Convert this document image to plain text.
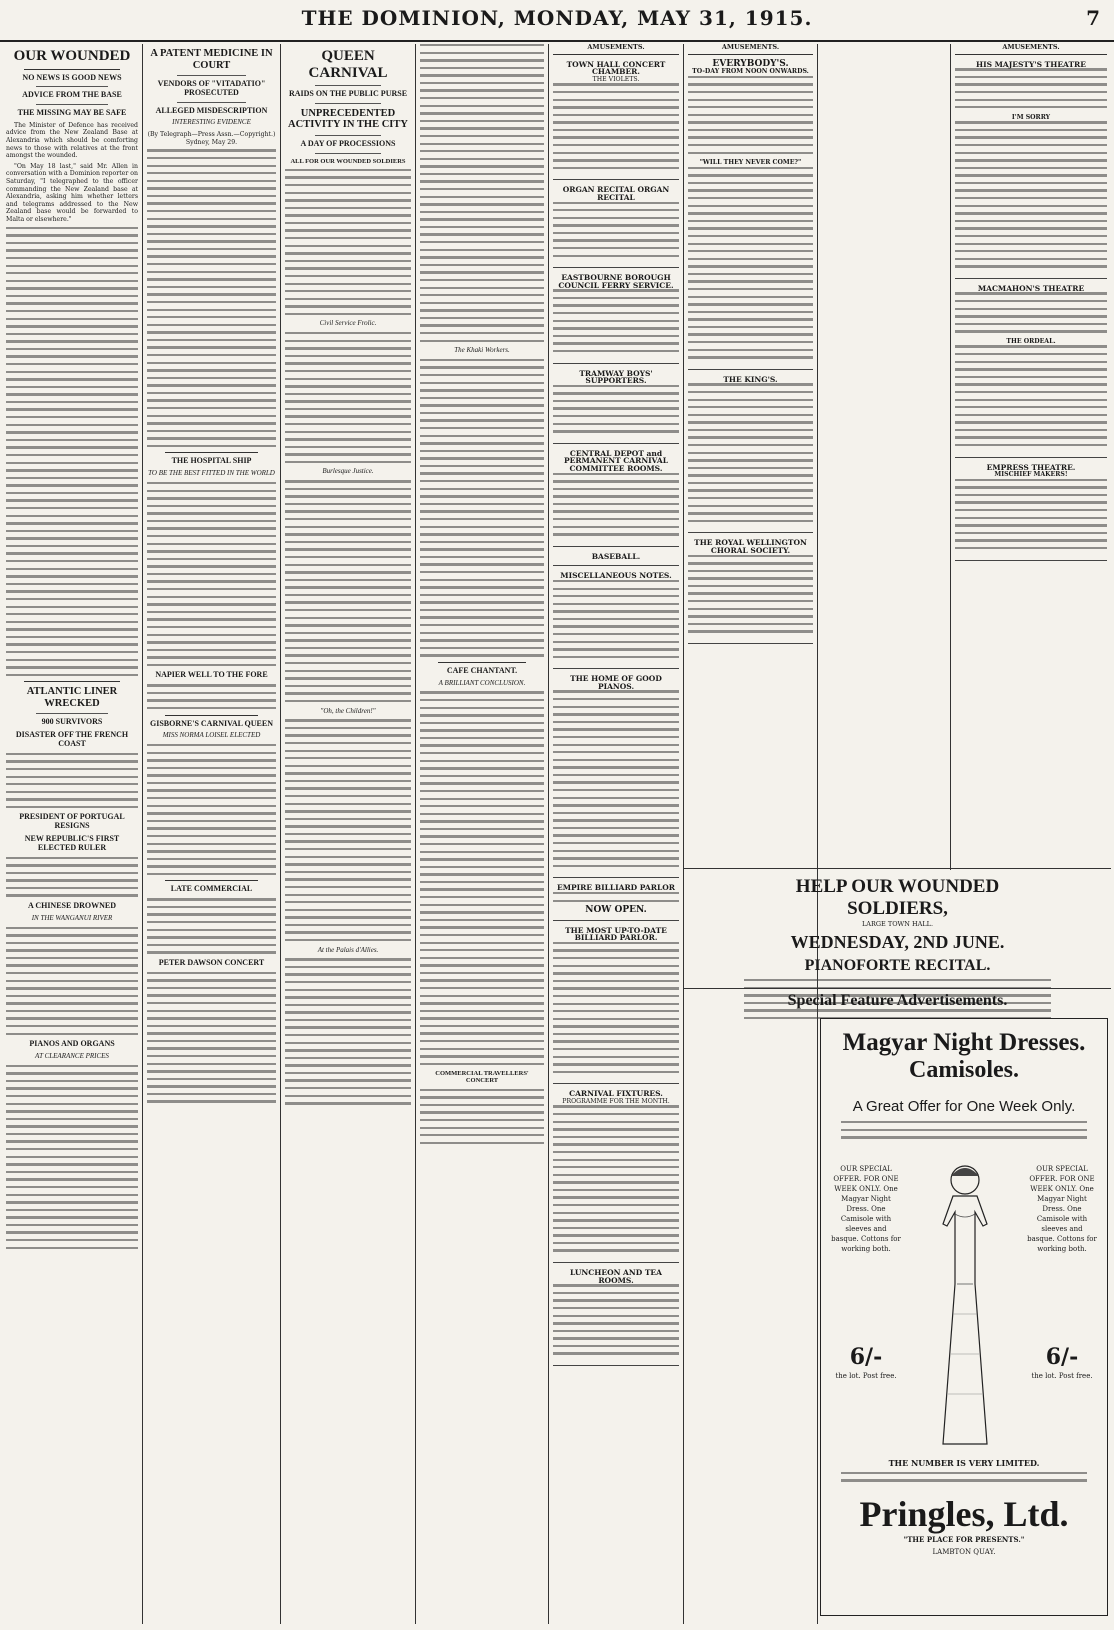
THE DOMINION, MONDAY, MAY 31, 1915.	7
OUR WOUNDED
NO NEWS IS GOOD NEWS
ADVICE FROM THE BASE
THE MISSING MAY BE SAFE

The Minister of Defence has received advice from the New Zealand Base at Alexandria which should be comforting news to those with relatives at the front amongst the wounded.

"On May 18 last," said Mr. Allen in conversation with a Dominion reporter on Saturday, "I telegraphed to the officer commanding the New Zealand base at Alexandria, asking him whether letters and telegrams addressed to the New Zealand base would be forwarded to Malta or elsewhere."

ATLANTIC LINER WRECKED
900 SURVIVORS
DISASTER OFF THE FRENCH COAST
PRESIDENT OF PORTUGAL RESIGNS
NEW REPUBLIC'S FIRST ELECTED RULER
A CHINESE DROWNED
IN THE WANGANUI RIVER
PIANOS AND ORGANS
AT CLEARANCE PRICES
A PATENT MEDICINE IN COURT
VENDORS OF "VITADATIO" PROSECUTED
ALLEGED MISDESCRIPTION
INTERESTING EVIDENCE

(By Telegraph—Press Assn.—Copyright.) Sydney, May 29.

THE HOSPITAL SHIP
TO BE THE BEST FITTED IN THE WORLD
NAPIER WELL TO THE FORE
GISBORNE'S CARNIVAL QUEEN
MISS NORMA LOISEL ELECTED
LATE COMMERCIAL
PETER DAWSON CONCERT
QUEEN CARNIVAL
RAIDS ON THE PUBLIC PURSE
UNPRECEDENTED ACTIVITY IN THE CITY
A DAY OF PROCESSIONS
ALL FOR OUR WOUNDED SOLDIERS
Civil Service Frolic.
Burlesque Justice.
"Oh, the Children!"
At the Palais d'Allies.
The Khaki Workers.
CAFE CHANTANT.
A BRILLIANT CONCLUSION.
COMMERCIAL TRAVELLERS' CONCERT
AMUSEMENTS.
TOWN HALL CONCERT CHAMBER.
THE VIOLETS.
ORGAN RECITAL ORGAN RECITAL
EASTBOURNE BOROUGH COUNCIL FERRY SERVICE.
TRAMWAY BOYS' SUPPORTERS.
CENTRAL DEPOT and PERMANENT CARNIVAL COMMITTEE ROOMS.
BASEBALL.
MISCELLANEOUS NOTES.
THE HOME OF GOOD PIANOS.
EMPIRE BILLIARD PARLOR
NOW OPEN.
THE MOST UP-TO-DATE BILLIARD PARLOR.
CARNIVAL FIXTURES.
PROGRAMME FOR THE MONTH.
LUNCHEON AND TEA ROOMS.
AMUSEMENTS.
EVERYBODY'S.
TO-DAY FROM NOON ONWARDS.
"WILL THEY NEVER COME?"
THE KING'S.
THE ROYAL WELLINGTON CHORAL SOCIETY.
AMUSEMENTS.
HIS MAJESTY'S THEATRE
I'M SORRY
MACMAHON'S THEATRE
THE ORDEAL.
EMPRESS THEATRE.
MISCHIEF MAKERS!
HELP OUR WOUNDED
SOLDIERS,
LARGE TOWN HALL.
WEDNESDAY, 2ND JUNE.
PIANOFORTE RECITAL.
Special Feature Advertisements.
Magyar Night Dresses.
Camisoles.
A Great Offer for One Week Only.
OUR SPECIAL OFFER. FOR ONE WEEK ONLY. One Magyar Night Dress. One Camisole with sleeves and basque. Cottons for working both.
6/-
the lot. Post free.
OUR SPECIAL OFFER. FOR ONE WEEK ONLY. One Magyar Night Dress. One Camisole with sleeves and basque. Cottons for working both.
6/-
the lot. Post free.
THE NUMBER IS VERY LIMITED.
Pringles, Ltd.
"THE PLACE FOR PRESENTS."
LAMBTON QUAY.
